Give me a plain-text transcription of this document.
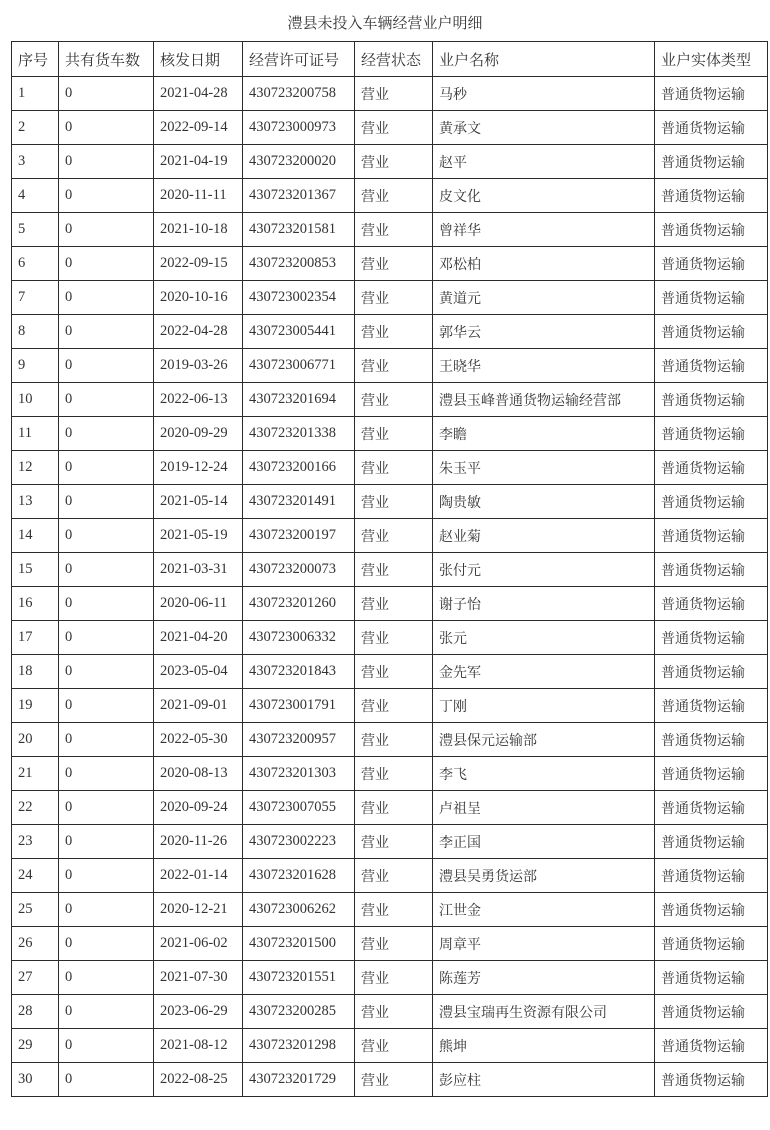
澧县未投入车辆经营业户明细
序号	共有货车数	核发日期	经营许可证号	经营状态	业户名称	业户实体类型
1	0	2021-04-28	430723200758	营业	马秒	普通货物运输
2	0	2022-09-14	430723000973	营业	黄承文	普通货物运输
3	0	2021-04-19	430723200020	营业	赵平	普通货物运输
4	0	2020-11-11	430723201367	营业	皮文化	普通货物运输
5	0	2021-10-18	430723201581	营业	曾祥华	普通货物运输
6	0	2022-09-15	430723200853	营业	邓松柏	普通货物运输
7	0	2020-10-16	430723002354	营业	黄道元	普通货物运输
8	0	2022-04-28	430723005441	营业	郭华云	普通货物运输
9	0	2019-03-26	430723006771	营业	王晓华	普通货物运输
10	0	2022-06-13	430723201694	营业	澧县玉峰普通货物运输经营部	普通货物运输
11	0	2020-09-29	430723201338	营业	李瞻	普通货物运输
12	0	2019-12-24	430723200166	营业	朱玉平	普通货物运输
13	0	2021-05-14	430723201491	营业	陶贵敏	普通货物运输
14	0	2021-05-19	430723200197	营业	赵业菊	普通货物运输
15	0	2021-03-31	430723200073	营业	张付元	普通货物运输
16	0	2020-06-11	430723201260	营业	谢子怡	普通货物运输
17	0	2021-04-20	430723006332	营业	张元	普通货物运输
18	0	2023-05-04	430723201843	营业	金先军	普通货物运输
19	0	2021-09-01	430723001791	营业	丁刚	普通货物运输
20	0	2022-05-30	430723200957	营业	澧县保元运输部	普通货物运输
21	0	2020-08-13	430723201303	营业	李飞	普通货物运输
22	0	2020-09-24	430723007055	营业	卢祖呈	普通货物运输
23	0	2020-11-26	430723002223	营业	李正国	普通货物运输
24	0	2022-01-14	430723201628	营业	澧县吴勇货运部	普通货物运输
25	0	2020-12-21	430723006262	营业	江世金	普通货物运输
26	0	2021-06-02	430723201500	营业	周章平	普通货物运输
27	0	2021-07-30	430723201551	营业	陈莲芳	普通货物运输
28	0	2023-06-29	430723200285	营业	澧县宝瑞再生资源有限公司	普通货物运输
29	0	2021-08-12	430723201298	营业	熊坤	普通货物运输
30	0	2022-08-25	430723201729	营业	彭应柱	普通货物运输
